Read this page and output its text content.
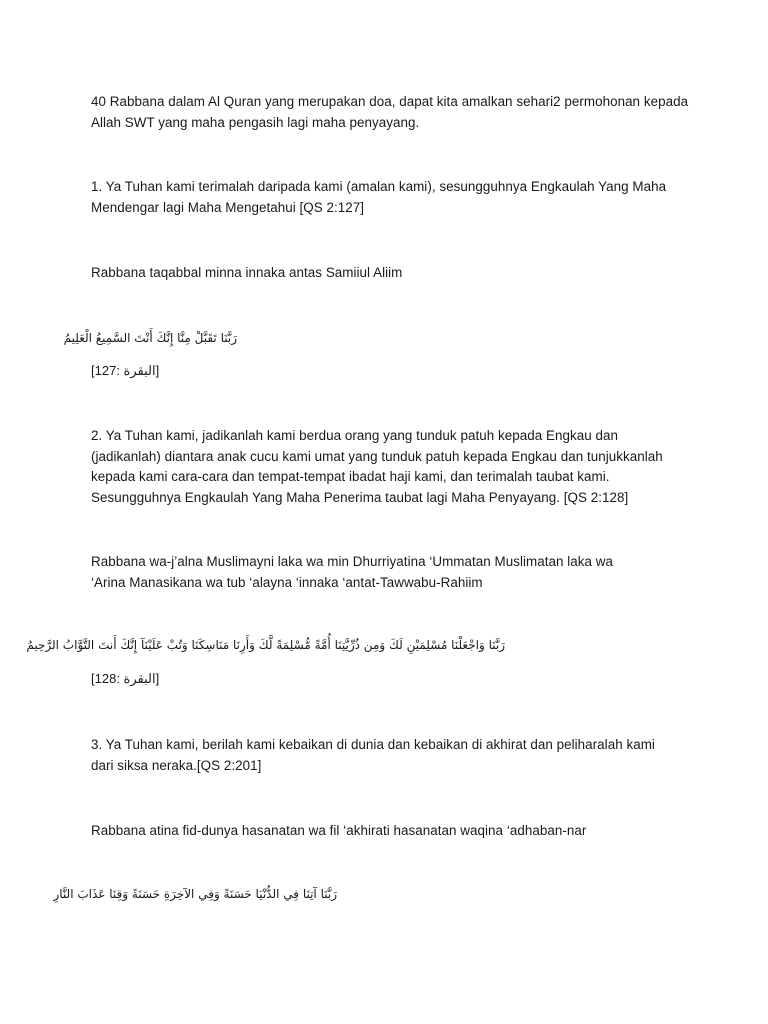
40 Rabbana dalam Al Quran yang merupakan doa, dapat kita amalkan sehari2 permohonan kepada Allah SWT yang maha pengasih lagi maha penyayang.
1. Ya Tuhan kami terimalah daripada kami (amalan kami), sesungguhnya Engkaulah Yang Maha Mendengar lagi Maha Mengetahui [QS 2:127]
Rabbana taqabbal minna innaka antas Samiiul Aliim
رَبَّنَا تَقَبَّلْ مِنَّا إِنَّكَ أَنْتَ السَّمِيعُ الْعَلِيمُ
[البقرة :127]
2. Ya Tuhan kami, jadikanlah kami berdua orang yang tunduk patuh kepada Engkau dan (jadikanlah) diantara anak cucu kami umat yang tunduk patuh kepada Engkau dan tunjukkanlah kepada kami cara-cara dan tempat-tempat ibadat haji kami, dan terimalah taubat kami. Sesungguhnya Engkaulah Yang Maha Penerima taubat lagi Maha Penyayang. [QS 2:128]
Rabbana wa-j’alna Muslimayni laka wa min Dhurriyatina ‘Ummatan Muslimatan laka wa ‘Arina Manasikana wa tub ‘alayna ‘innaka ‘antat-Tawwabu-Rahiim
رَبَّنَا وَاجْعَلْنَا مُسْلِمَيْنِ لَكَ وَمِن ذُرِّيَّتِنَا أُمَّةً مُّسْلِمَةً لَّكَ وَأَرِنَا مَنَاسِكَنَا وَتُبْ عَلَيْنَآ إِنَّكَ أَنتَ التَّوَّابُ الرَّحِيمُ
[البقرة :128]
3. Ya Tuhan kami, berilah kami kebaikan di dunia dan kebaikan di akhirat dan peliharalah kami dari siksa neraka.[QS 2:201]
Rabbana atina fid-dunya hasanatan wa fil ‘akhirati hasanatan waqina ‘adhaban-nar
رَبَّنَا آتِنَا فِي الدُّنْيَا حَسَنَةً وَفِي الآخِرَةِ حَسَنَةً وَقِنَا عَذَابَ النَّارِ
